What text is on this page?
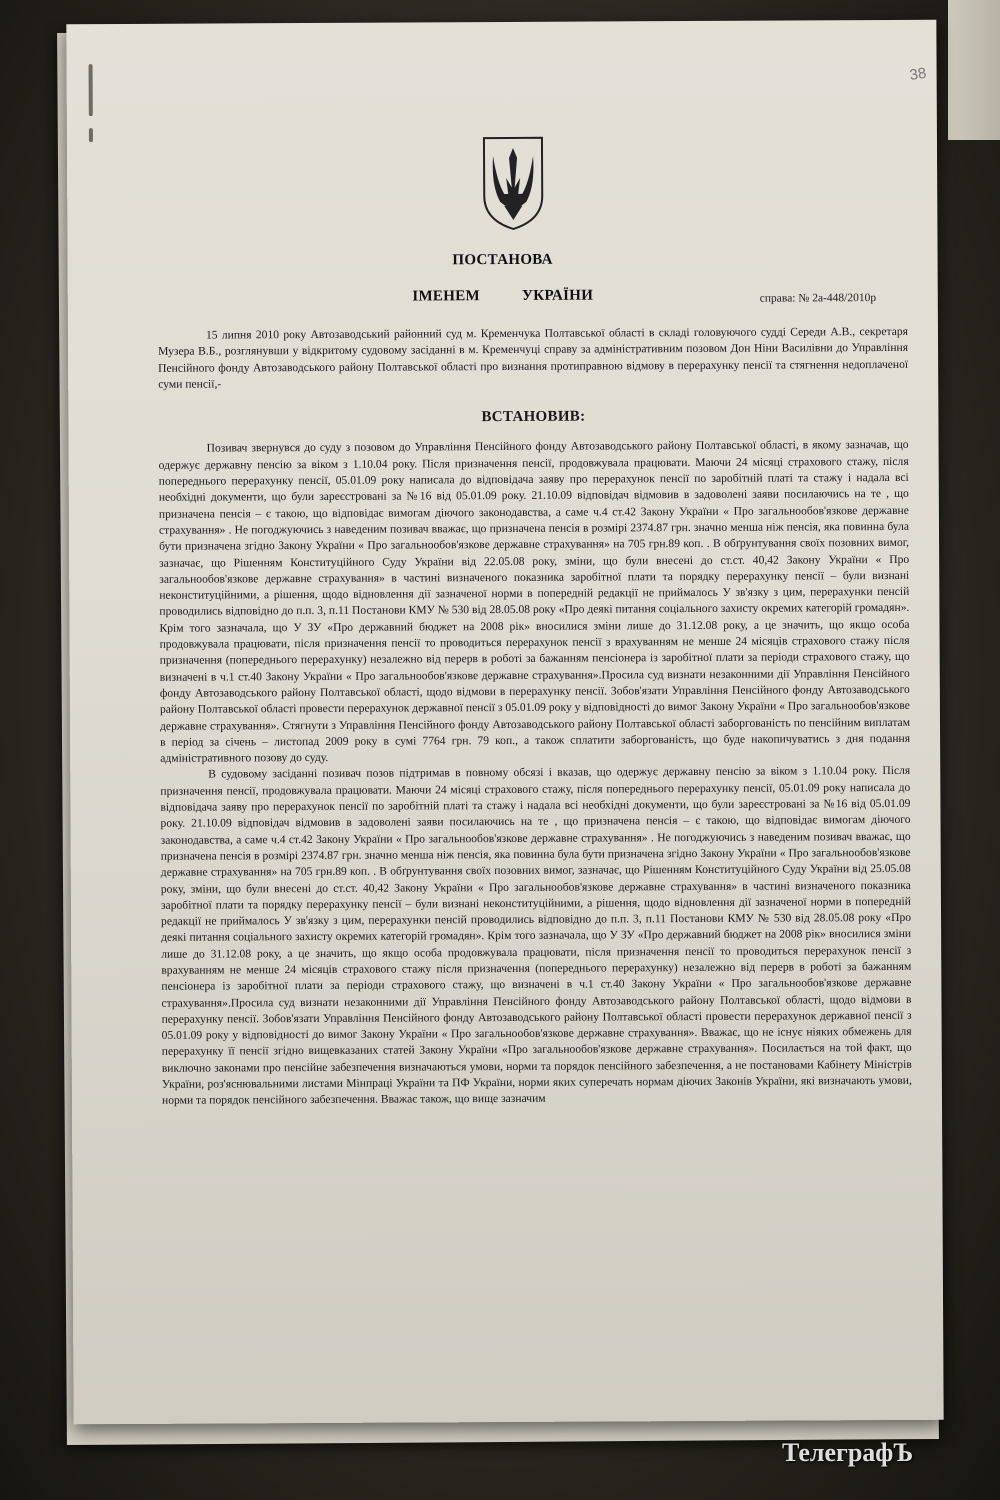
38
ПОСТАНОВА
ІМЕНЕМ УКРАЇНИ	справа: № 2а-448/2010р

15 липня 2010 року Автозаводський районний суд м. Кременчука Полтавської області в складі головуючого судді Середи А.В., секретаря Музера В.Б., розглянувши у відкритому судовому засіданні в м. Кременчуці справу за адміністративним позовом Дон Ніни Василівни до Управління Пенсійного фонду Автозаводського району Полтавської області про визнання протиправною відмову в перерахунку пенсії та стягнення недоплаченої суми пенсії,-

ВСТАНОВИВ:

Позивач звернувся до суду з позовом до Управління Пенсійного фонду Автозаводського району Полтавської області, в якому зазначав, що одержує державну пенсію за віком з 1.10.04 року. Після призначення пенсії, продовжувала працювати. Маючи 24 місяці страхового стажу, після попереднього перерахунку пенсії, 05.01.09 року написала до відповідача заяву про перерахунок пенсії по заробітній платі та стажу і надала всі необхідні документи, що були зареєстровані за №16 від 05.01.09 року. 21.10.09 відповідач відмовив в задоволені заяви посилаючись на те , що призначена пенсія – є такою, що відповідає вимогам діючого законодавства, а саме ч.4 ст.42 Закону України « Про загальнообов'язкове державне страхування» . Не погоджуючись з наведеним позивач вважає, що призначена пенсія в розмірі 2374.87 грн. значно менша ніж пенсія, яка повинна була бути призначена згідно Закону України « Про загальнообов'язкове державне страхування» на 705 грн.89 коп. . В обґрунтування своїх позовних вимог, зазначає, що Рішенням Конституційного Суду України від 22.05.08 року, зміни, що були внесені до ст.ст. 40,42 Закону України « Про загальнообов'язкове державне страхування» в частині визначеного показника заробітної плати та порядку перерахунку пенсії – були визнані неконституційними, а рішення, щодо відновлення дії зазначеної норми в попередній редакції не приймалось У зв'язку з цим, перерахунки пенсій проводились відповідно до п.п. 3, п.11 Постанови КМУ № 530 від 28.05.08 року «Про деякі питання соціального захисту окремих категорій громадян». Крім того зазначала, що У ЗУ «Про державний бюджет на 2008 рік» вносилися зміни лише до 31.12.08 року, а це значить, що якщо особа продовжувала працювати, після призначення пенсії то проводиться перерахунок пенсії з врахуванням не менше 24 місяців страхового стажу після призначення (попереднього перерахунку) незалежно від перерв в роботі за бажанням пенсіонера із заробітної плати за періоди страхового стажу, що визначені в ч.1 ст.40 Закону України « Про загальнообов'язкове державне страхування».Просила суд визнати незаконними дії Управління Пенсійного фонду Автозаводського району Полтавської області, щодо відмови в перерахунку пенсії. Зобов'язати Управління Пенсійного фонду Автозаводського району Полтавської області провести перерахунок державної пенсії з 05.01.09 року у відповідності до вимог Закону України « Про загальнообов'язкове державне страхування». Стягнути з Управління Пенсійного фонду Автозаводського району Полтавської області заборгованість по пенсійним виплатам в період за січень – листопад 2009 року в сумі 7764 грн. 79 коп., а також сплатити заборгованість, що буде накопичуватись з дня подання адміністративного позову до суду.

В судовому засіданні позивач позов підтримав в повному обсязі і вказав, що одержує державну пенсію за віком з 1.10.04 року. Після призначення пенсії, продовжувала працювати. Маючи 24 місяці страхового стажу, після попереднього перерахунку пенсії, 05.01.09 року написала до відповідача заяву про перерахунок пенсії по заробітній платі та стажу і надала всі необхідні документи, що були зареєстровані за №16 від 05.01.09 року. 21.10.09 відповідач відмовив в задоволені заяви посилаючись на те , що призначена пенсія – є такою, що відповідає вимогам діючого законодавства, а саме ч.4 ст.42 Закону України « Про загальнообов'язкове державне страхування» . Не погоджуючись з наведеним позивач вважає, що призначена пенсія в розмірі 2374.87 грн. значно менша ніж пенсія, яка повинна була бути призначена згідно Закону України « Про загальнообов'язкове державне страхування» на 705 грн.89 коп. . В обґрунтування своїх позовних вимог, зазначає, що Рішенням Конституційного Суду України від 25.05.08 року, зміни, що були внесені до ст.ст. 40,42 Закону України « Про загальнообов'язкове державне страхування» в частині визначеного показника заробітної плати та порядку перерахунку пенсії – були визнані неконституційними, а рішення, щодо відновлення дії зазначеної норми в попередній редакції не приймалось У зв'язку з цим, перерахунки пенсій проводились відповідно до п.п. 3, п.11 Постанови КМУ № 530 від 28.05.08 року «Про деякі питання соціального захисту окремих категорій громадян». Крім того зазначала, що У ЗУ «Про державний бюджет на 2008 рік» вносилися зміни лише до 31.12.08 року, а це значить, що якщо особа продовжувала працювати, після призначення пенсії то проводиться перерахунок пенсії з врахуванням не менше 24 місяців страхового стажу після призначення (попереднього перерахунку) незалежно від перерв в роботі за бажанням пенсіонера із заробітної плати за періоди страхового стажу, що визначені в ч.1 ст.40 Закону України « Про загальнообов'язкове державне страхування».Просила суд визнати незаконними дії Управління Пенсійного фонду Автозаводського району Полтавської області, щодо відмови в перерахунку пенсії. Зобов'язати Управління Пенсійного фонду Автозаводського району Полтавської області провести перерахунок державної пенсії з 05.01.09 року у відповідності до вимог Закону України « Про загальнообов'язкове державне страхування». Вважає, що не існує ніяких обмежень для перерахунку її пенсії згідно вищевказаних статей Закону України «Про загальнообов'язкове державне страхування». Посилається на той факт, що виключно законами про пенсійне забезпечення визначаються умови, норми та порядок пенсійного забезпечення, а не постановами Кабінету Міністрів України, роз'яснювальними листами Мінпраці України та ПФ України, норми яких суперечать нормам діючих Законів України, які визначають умови, норми та порядок пенсійного забезпечення. Вважає також, що вище зазначим

ТелеграфЪ
